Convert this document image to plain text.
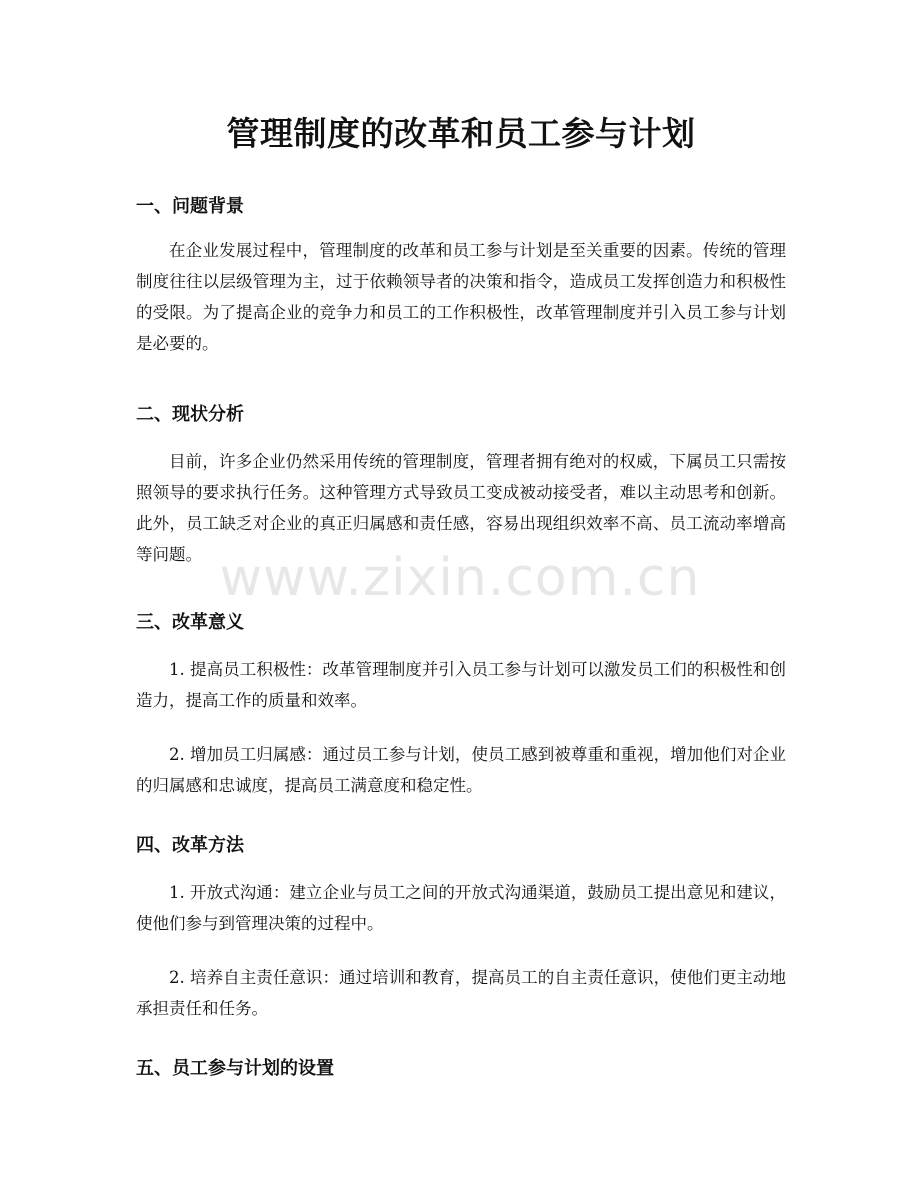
管理制度的改革和员工参与计划
一、问题背景

在企业发展过程中，管理制度的改革和员工参与计划是至关重要的因素。传统的管理制度往往以层级管理为主，过于依赖领导者的决策和指令，造成员工发挥创造力和积极性的受限。为了提高企业的竞争力和员工的工作积极性，改革管理制度并引入员工参与计划是必要的。

二、现状分析

目前，许多企业仍然采用传统的管理制度，管理者拥有绝对的权威，下属员工只需按照领导的要求执行任务。这种管理方式导致员工变成被动接受者，难以主动思考和创新。此外，员工缺乏对企业的真正归属感和责任感，容易出现组织效率不高、员工流动率增高等问题。

三、改革意义

1. 提高员工积极性：改革管理制度并引入员工参与计划可以激发员工们的积极性和创造力，提高工作的质量和效率。

2. 增加员工归属感：通过员工参与计划，使员工感到被尊重和重视，增加他们对企业的归属感和忠诚度，提高员工满意度和稳定性。

四、改革方法

1. 开放式沟通：建立企业与员工之间的开放式沟通渠道，鼓励员工提出意见和建议，使他们参与到管理决策的过程中。

2. 培养自主责任意识：通过培训和教育，提高员工的自主责任意识，使他们更主动地承担责任和任务。

五、员工参与计划的设置
www.zixin.com.cn
